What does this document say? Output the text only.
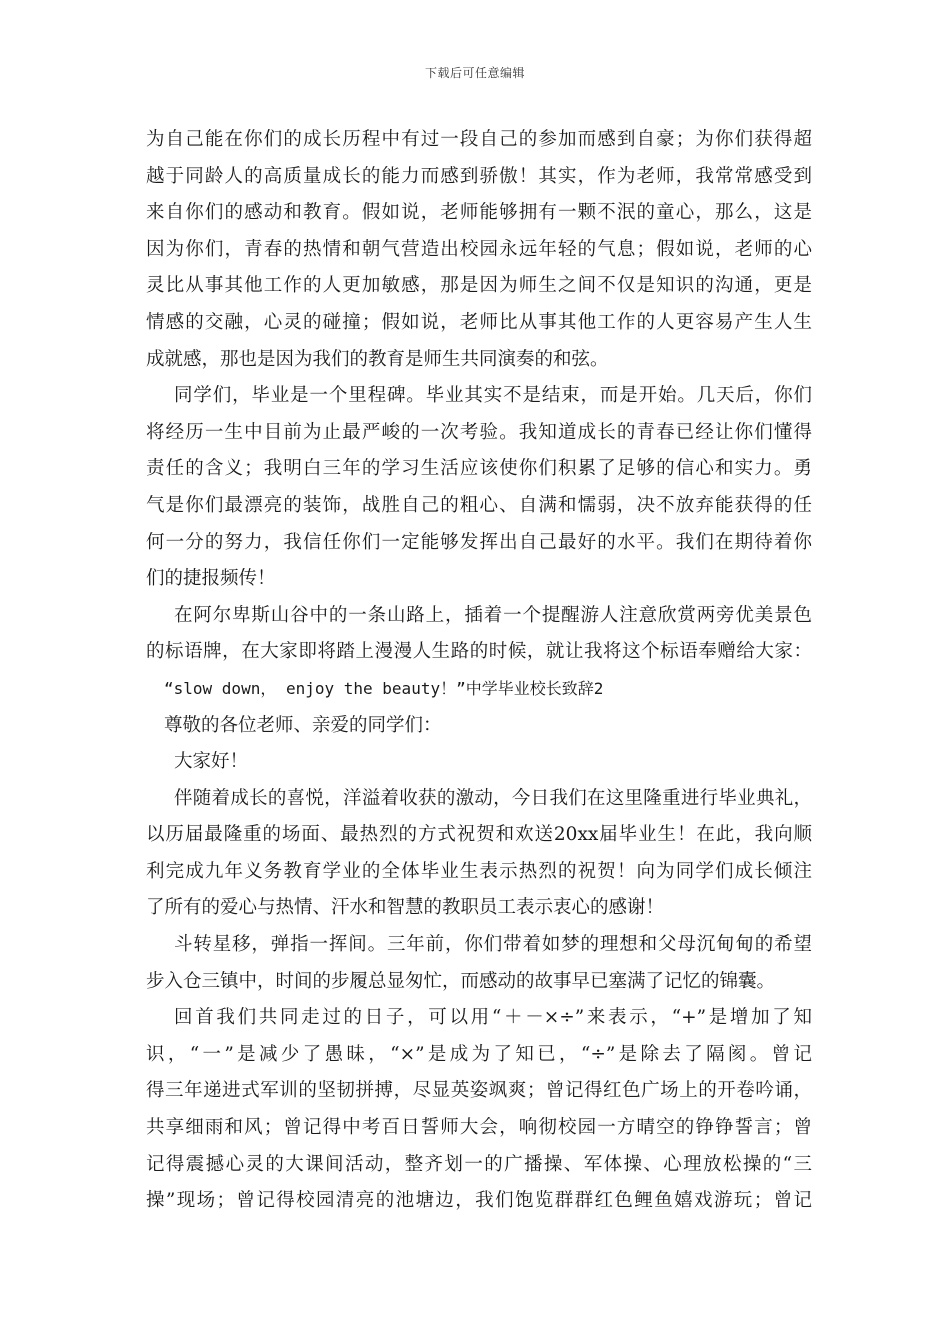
下载后可任意编辑
为自己能在你们的成长历程中有过一段自己的参加而感到自豪；为你们获得超
越于同龄人的高质量成长的能力而感到骄傲！其实，作为老师，我常常感受到
来自你们的感动和教育。假如说，老师能够拥有一颗不泯的童心，那么，这是
因为你们，青春的热情和朝气营造出校园永远年轻的气息；假如说，老师的心
灵比从事其他工作的人更加敏感，那是因为师生之间不仅是知识的沟通，更是
情感的交融，心灵的碰撞；假如说，老师比从事其他工作的人更容易产生人生
成就感，那也是因为我们的教育是师生共同演奏的和弦。
同学们，毕业是一个里程碑。毕业其实不是结束，而是开始。几天后，你们
将经历一生中目前为止最严峻的一次考验。我知道成长的青春已经让你们懂得
责任的含义；我明白三年的学习生活应该使你们积累了足够的信心和实力。勇
气是你们最漂亮的装饰，战胜自己的粗心、自满和懦弱，决不放弃能获得的任
何一分的努力，我信任你们一定能够发挥出自己最好的水平。我们在期待着你
们的捷报频传！
在阿尔卑斯山谷中的一条山路上，插着一个提醒游人注意欣赏两旁优美景色
的标语牌，在大家即将踏上漫漫人生路的时候，就让我将这个标语奉赠给大家：
“slow down， enjoy the beauty！”中学毕业校长致辞2
尊敬的各位老师、亲爱的同学们：
大家好！
伴随着成长的喜悦，洋溢着收获的激动，今日我们在这里隆重进行毕业典礼，
以历届最隆重的场面、最热烈的方式祝贺和欢送20xx届毕业生！在此，我向顺
利完成九年义务教育学业的全体毕业生表示热烈的祝贺！向为同学们成长倾注
了所有的爱心与热情、汗水和智慧的教职员工表示衷心的感谢！
斗转星移，弹指一挥间。三年前，你们带着如梦的理想和父母沉甸甸的希望
步入仓三镇中，时间的步履总显匆忙，而感动的故事早已塞满了记忆的锦囊。
回首我们共同走过的日子，可以用“＋－×÷”来表示，“+”是增加了知
识，“一”是减少了愚昧，“×”是成为了知已，“÷”是除去了隔阂。曾记
得三年递进式军训的坚韧拼搏，尽显英姿飒爽；曾记得红色广场上的开卷吟诵，
共享细雨和风；曾记得中考百日誓师大会，响彻校园一方晴空的铮铮誓言；曾
记得震撼心灵的大课间活动，整齐划一的广播操、军体操、心理放松操的“三
操”现场；曾记得校园清亮的池塘边，我们饱览群群红色鲤鱼嬉戏游玩；曾记
